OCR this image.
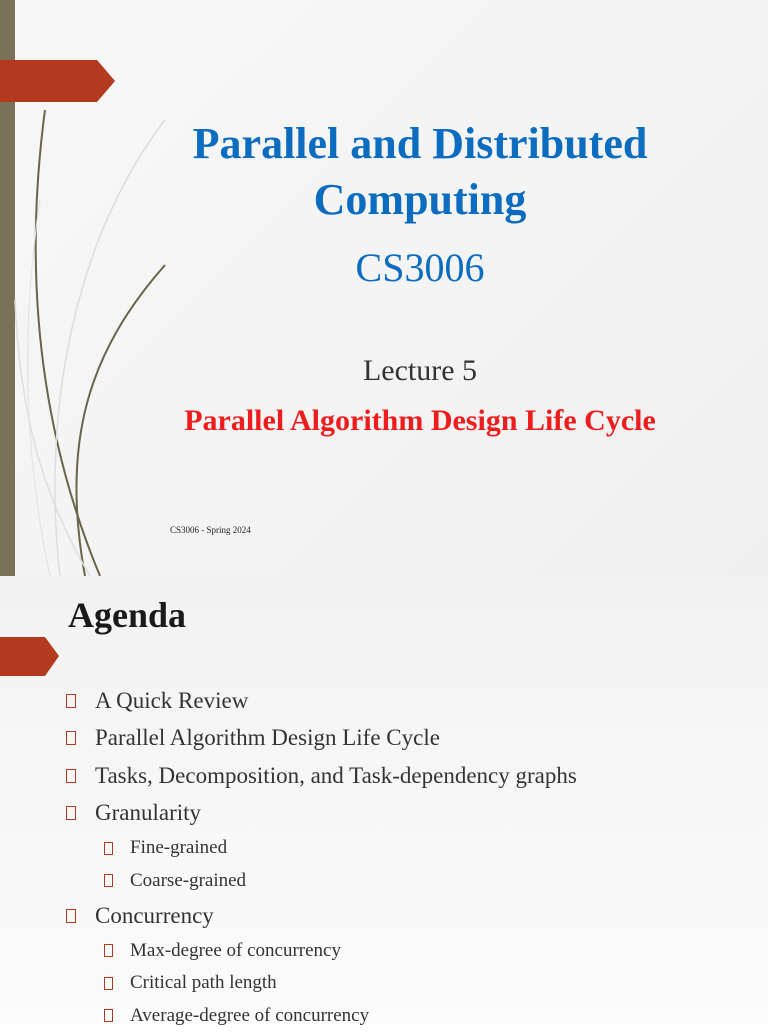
Parallel and Distributed
Computing
CS3006
Lecture 5
Parallel Algorithm Design Life Cycle
CS3006 - Spring 2024
Agenda
A Quick Review
Parallel Algorithm Design Life Cycle
Tasks, Decomposition, and Task-dependency graphs
Granularity
Fine-grained
Coarse-grained
Concurrency
Max-degree of concurrency
Critical path length
Average-degree of concurrency
